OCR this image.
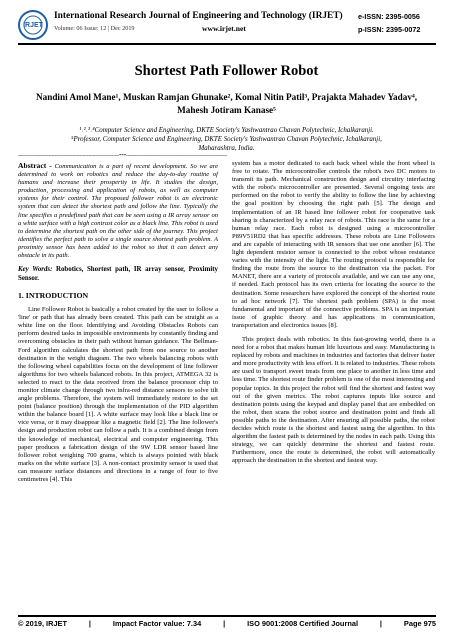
IRJET
International Research Journal of Engineering and Technology (IRJET)
Volume: 06 Issue: 12 | Dec 2019	www.irjet.net
e-ISSN: 2395-0056
p-ISSN: 2395-0072
Shortest Path Follower Robot
Nandini Amol Mane¹, Muskan Ramjan Ghunake², Komal Nitin Patil³, Prajakta Mahadev Yadav⁴,
Mahesh Jotiram Kanase⁵
¹˒²˒³˒⁴Computer Science and Engineering, DKTE Society's Yashwantrao Chavan Polytechnic, Ichalkaranji.
⁵Professor, Computer Science and Engineering, DKTE Society's Yashwantrao Chavan Polytechnic, Ichalkaranji,
Maharashtra, India.
---------------------------------------------------------------------***---------------------------------------------------------------------
Abstract - Communication is a part of recent development. So we are determined to work on robotics and reduce the day-to-day routine of humans and increase their prosperity in life. It studies the design, production, processing and application of robots, as well as computer systems for their control. The proposed follower robot is an electronic system that can detect the shortest path and follow the line. Typically the line specifies a predefined path that can be seen using a IR array sensor on a white surface with a high contrast color as a black line. This robot is used to determine the shortest path on the other side of the journey. This project identifies the perfect path to solve a single source shortest path problem. A proximity sensor has been added to the robot so that it can detect any obstacle in its path.
Key Words: Robotics, Shortest path, IR array sensor, Proximity Sensor.
1. INTRODUCTION

Line Follower Robot is basically a robot created by the user to follow a 'line' or path that has already been created. This path can be straight as a white line on the floor. Identifying and Avoiding Obstacles Robots can perform desired tasks in impossible environments by constantly finding and overcoming obstacles in their path without human guidance. The Bellman-Ford algorithm calculates the shortest path from one source to another destination in the weight diagram. The two wheels balancing robots with the following wheel capabilities focus on the development of line follower algorithms for two wheels balanced robots. In this project, ATMEGA 32 is selected to react to the data received from the balance processor chip to monitor climate change through two infra-red distance sensors to solve tilt angle problems. Therefore, the system will immediately restore to the set point (balance position) through the implementation of the PID algorithm within the balance board [1]. A white surface may look like a black line or vice versa, or it may disappear like a magnetic field [2]. The line follower's design and production robot can follow a path. It is a combined design from the knowledge of mechanical, electrical and computer engineering. This paper produces a fabrication design of the 9W LDR sensor based line follower robot weighing 700 grams, which is always pointed with black marks on the white surface [3]. A non-contact proximity sensor is used that can measure surface distances and directions in a range of four to five centimetres [4]. This

system has a motor dedicated to each back wheel while the front wheel is free to rotate. The microcontroller controls the robot's two DC motors to transmit its path. Mechanical construction design and circuitry interfacing with the robot's microcontroller are presented. Several ongoing tests are performed on the robot to verify the ability to follow the line by achieving the goal position by choosing the right path [5]. The design and implementation of an IR based line follower robot for cooperative task sharing is characterized by a relay race of robots. This race is the same for a human relay race. Each robot is designed using a microcontroller P89V51RD2 that has specific addresses. These robots are Line Followers and are capable of interacting with IR sensors that use one another [6]. The light dependent resistor sensor is connected to the robot whose resistance varies with the intensity of the light. The routing protocol is responsible for finding the route from the source to the destination via the packet. For MANET, there are a variety of protocols available, and we can use any one, if needed. Each protocol has its own criteria for locating the source to the destination. Some researchers have explored the concept of the shortest route to ad hoc network [7]. The shortest path problem (SPA) is the most fundamental and important of the connective problems. SPA is an important issue of graphic theory and has applications in communication, transportation and electronics issues [8].

This project deals with robotics. In this fast-growing world, there is a need for a robot that makes human life luxurious and easy. Manufacturing is replaced by robots and machines in industries and factories that deliver faster and more productivity with less effort. It is related to industries. These robots are used to transport sweet treats from one place to another in less time and less time. The shortest route finder problem is one of the most interesting and popular topics. In this project the robot will find the shortest and fastest way out of the given metrics. The robot captures inputs like source and destination points using the keypad and display panel that are embedded on the robot, then scans the robot source and destination point and finds all possible paths to the destination. After ensuring all possible paths, the robot decides which route is the shortest and fastest using the algorithm. In this algorithm the fastest path is determined by the nodes in each path. Using this strategy, we can quickly determine the shortest and fastest route. Furthermore, once the route is determined, the robot will automatically approach the destination in the shortest and fastest way.

© 2019, IRJET	|	Impact Factor value: 7.34	|	ISO 9001:2008 Certified Journal	|	Page 975
